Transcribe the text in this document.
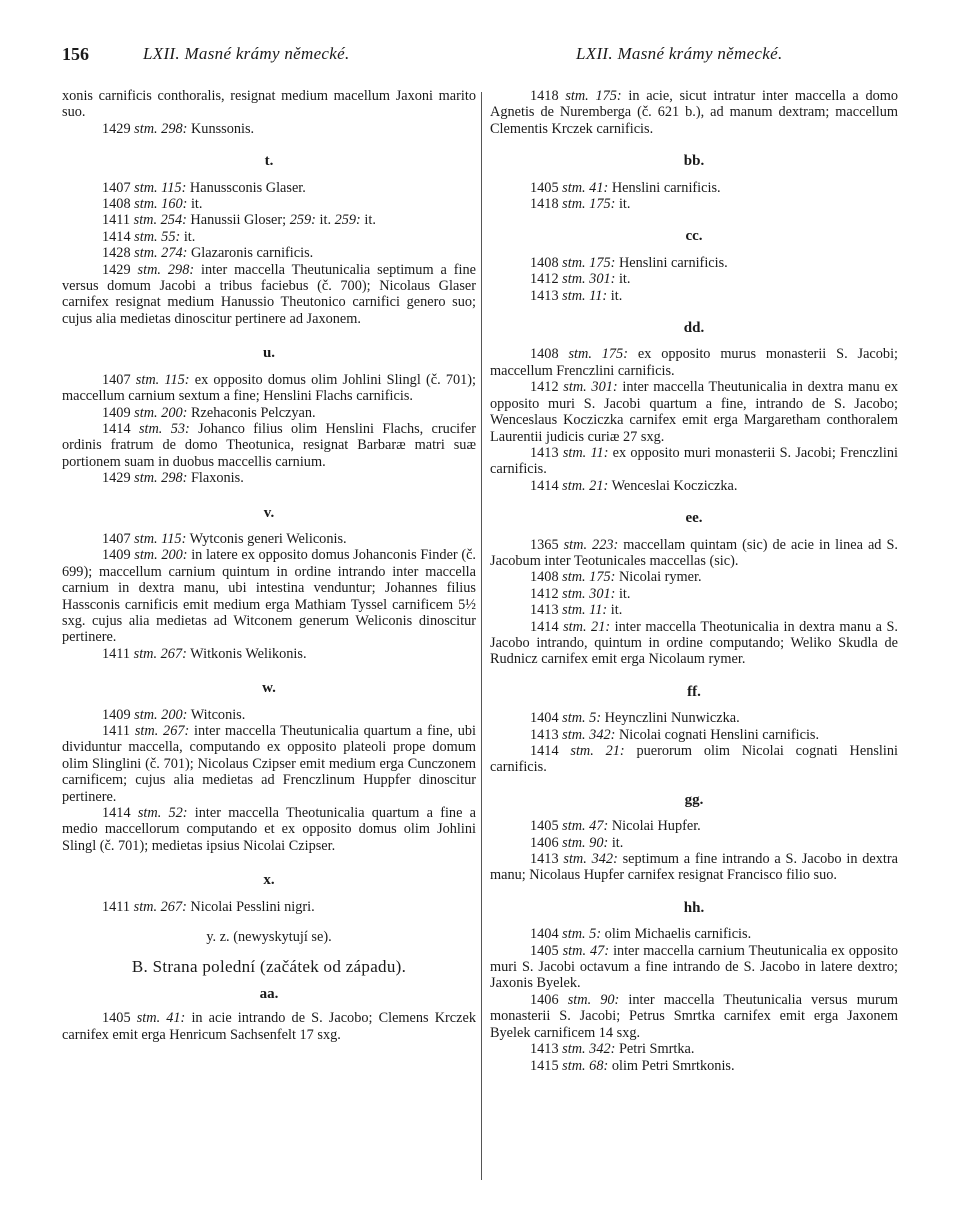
156	LXII. Masné krámy německé.	LXII. Masné krámy německé.

xonis carnificis conthoralis, resignat medium macellum Jaxoni marito suo.

1429 stm. 298: Kunssonis.

t.

1407 stm. 115: Hanussconis Glaser.

1408 stm. 160: it.

1411 stm. 254: Hanussii Gloser; 259: it. 259: it.

1414 stm. 55: it.

1428 stm. 274: Glazaronis carnificis.

1429 stm. 298: inter maccella Theutunicalia septimum a fine versus domum Jacobi a tribus faciebus (č. 700); Nicolaus Glaser carnifex resignat medium Hanussio Theutonico carnifici genero suo; cujus alia medietas dinoscitur pertinere ad Jaxonem.

u.

1407 stm. 115: ex opposito domus olim Johlini Slingl (č. 701); maccellum carnium sextum a fine; Henslini Flachs carnificis.

1409 stm. 200: Rzehaconis Pelczyan.

1414 stm. 53: Johanco filius olim Henslini Flachs, crucifer ordinis fratrum de domo Theotunica, resignat Barbaræ matri suæ portionem suam in duobus maccellis carnium.

1429 stm. 298: Flaxonis.

v.

1407 stm. 115: Wytconis generi Weliconis.

1409 stm. 200: in latere ex opposito domus Johanconis Finder (č. 699); maccellum carnium quintum in ordine intrando inter maccella carnium in dextra manu, ubi intestina venduntur; Johannes filius Hassconis carnificis emit medium erga Mathiam Tyssel carnificem 5½ sxg. cujus alia medietas ad Witconem generum Weliconis dinoscitur pertinere.

1411 stm. 267: Witkonis Welikonis.

w.

1409 stm. 200: Witconis.

1411 stm. 267: inter maccella Theutunicalia quartum a fine, ubi dividuntur maccella, computando ex opposito plateoli prope domum olim Slinglini (č. 701); Nicolaus Czipser emit medium erga Cunczonem carnificem; cujus alia medietas ad Frenczlinum Huppfer dinoscitur pertinere.

1414 stm. 52: inter maccella Theotunicalia quartum a fine a medio maccellorum computando et ex opposito domus olim Johlini Slingl (č. 701); medietas ipsius Nicolai Czipser.

x.

1411 stm. 267: Nicolai Pesslini nigri.

y. z. (newyskytují se).
B. Strana polední (začátek od západu).
aa.

1405 stm. 41: in acie intrando de S. Jacobo; Clemens Krczek carnifex emit erga Henricum Sachsenfelt 17 sxg.

1418 stm. 175: in acie, sicut intratur inter maccella a domo Agnetis de Nuremberga (č. 621 b.), ad manum dextram; maccellum Clementis Krczek carnificis.

bb.

1405 stm. 41: Henslini carnificis.

1418 stm. 175: it.

cc.

1408 stm. 175: Henslini carnificis.

1412 stm. 301: it.

1413 stm. 11: it.

dd.

1408 stm. 175: ex opposito murus monasterii S. Jacobi; maccellum Frenczlini carnificis.

1412 stm. 301: inter maccella Theutunicalia in dextra manu ex opposito muri S. Jacobi quartum a fine, intrando de S. Jacobo; Wenceslaus Kocziczka carnifex emit erga Margaretham conthoralem Laurentii judicis curiæ 27 sxg.

1413 stm. 11: ex opposito muri monasterii S. Jacobi; Frenczlini carnificis.

1414 stm. 21: Wenceslai Kocziczka.

ee.

1365 stm. 223: maccellam quintam (sic) de acie in linea ad S. Jacobum inter Teotunicales maccellas (sic).

1408 stm. 175: Nicolai rymer.

1412 stm. 301: it.

1413 stm. 11: it.

1414 stm. 21: inter maccella Theotunicalia in dextra manu a S. Jacobo intrando, quintum in ordine computando; Weliko Skudla de Rudnicz carnifex emit erga Nicolaum rymer.

ff.

1404 stm. 5: Heynczlini Nunwiczka.

1413 stm. 342: Nicolai cognati Henslini carnificis.

1414 stm. 21: puerorum olim Nicolai cognati Henslini carnificis.

gg.

1405 stm. 47: Nicolai Hupfer.

1406 stm. 90: it.

1413 stm. 342: septimum a fine intrando a S. Jacobo in dextra manu; Nicolaus Hupfer carnifex resignat Francisco filio suo.

hh.

1404 stm. 5: olim Michaelis carnificis.

1405 stm. 47: inter maccella carnium Theutunicalia ex opposito muri S. Jacobi octavum a fine intrando de S. Jacobo in latere dextro; Jaxonis Byelek.

1406 stm. 90: inter maccella Theutunicalia versus murum monasterii S. Jacobi; Petrus Smrtka carnifex emit erga Jaxonem Byelek carnificem 14 sxg.

1413 stm. 342: Petri Smrtka.

1415 stm. 68: olim Petri Smrtkonis.
